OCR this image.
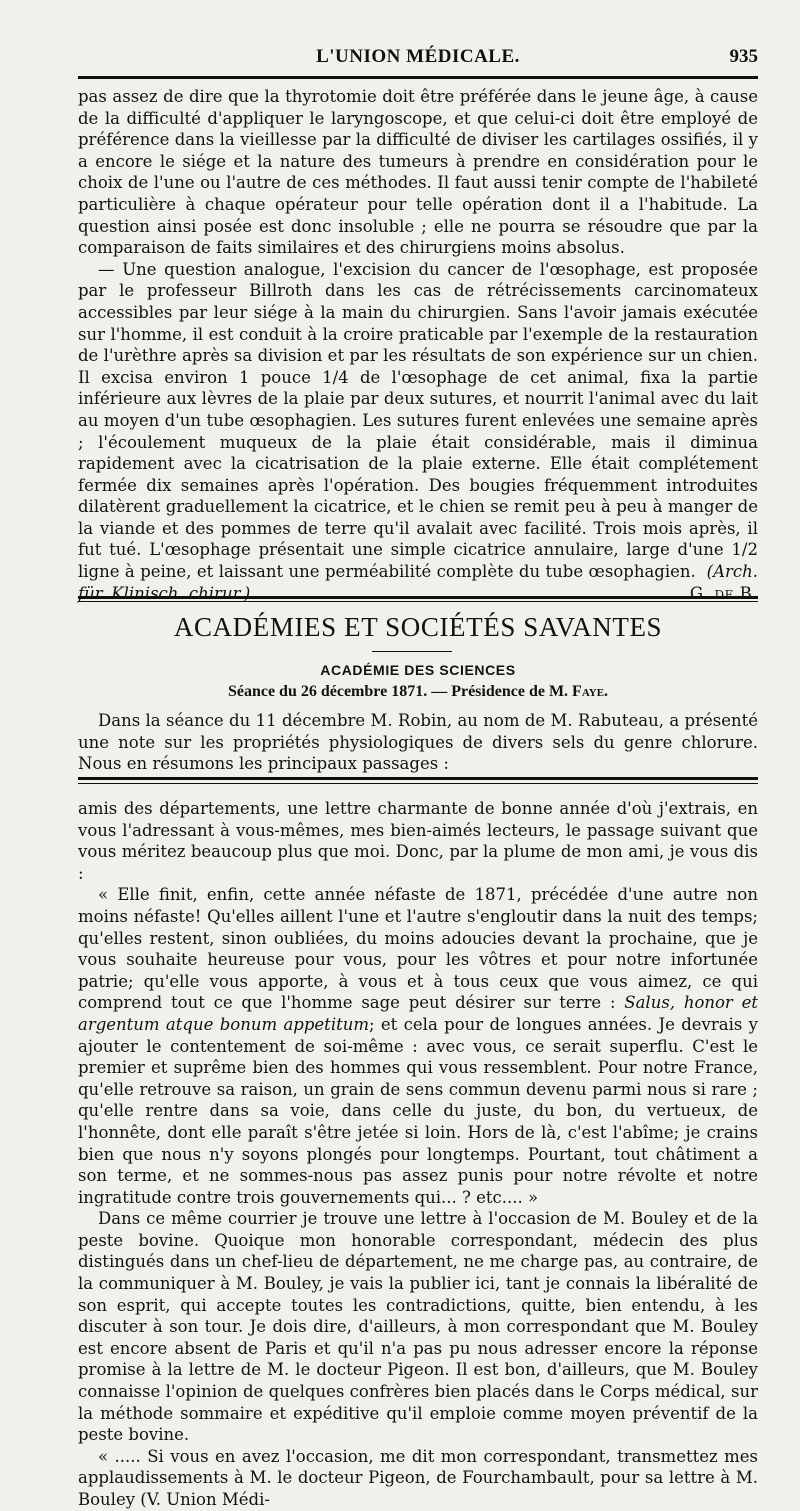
L'UNION MÉDICALE.	935

pas assez de dire que la thyrotomie doit être préférée dans le jeune âge, à cause de la difficulté d'appliquer le laryngoscope, et que celui-ci doit être employé de préférence dans la vieillesse par la difficulté de diviser les cartilages ossifiés, il y a encore le siége et la nature des tumeurs à prendre en considération pour le choix de l'une ou l'autre de ces méthodes. Il faut aussi tenir compte de l'habileté particulière à chaque opérateur pour telle opération dont il a l'habitude. La question ainsi posée est donc insoluble ; elle ne pourra se résoudre que par la comparaison de faits similaires et des chirurgiens moins absolus.

— Une question analogue, l'excision du cancer de l'œsophage, est proposée par le professeur Billroth dans les cas de rétrécissements carcinomateux accessibles par leur siége à la main du chirurgien. Sans l'avoir jamais exécutée sur l'homme, il est conduit à la croire praticable par l'exemple de la restauration de l'urèthre après sa division et par les résultats de son expérience sur un chien. Il excisa environ 1 pouce 1/4 de l'œsophage de cet animal, fixa la partie inférieure aux lèvres de la plaie par deux sutures, et nourrit l'animal avec du lait au moyen d'un tube œsophagien. Les sutures furent enlevées une semaine après ; l'écoulement muqueux de la plaie était considérable, mais il diminua rapidement avec la cicatrisation de la plaie externe. Elle était complétement fermée dix semaines après l'opération. Des bougies fréquemment introduites dilatèrent graduellement la cicatrice, et le chien se remit peu à peu à manger de la viande et des pommes de terre qu'il avalait avec facilité. Trois mois après, il fut tué. L'œsophage présentait une simple cicatrice annulaire, large d'une 1/2 ligne à peine, et laissant une perméabilité complète du tube œsophagien. (Arch. für. Klinisch. chirur.)	G. de B.

ACADÉMIES ET SOCIÉTÉS SAVANTES
ACADÉMIE DES SCIENCES
Séance du 26 décembre 1871. — Présidence de M. Faye.

Dans la séance du 11 décembre M. Robin, au nom de M. Rabuteau, a présenté une note sur les propriétés physiologiques de divers sels du genre chlorure. Nous en résumons les principaux passages :

amis des départements, une lettre charmante de bonne année d'où j'extrais, en vous l'adressant à vous-mêmes, mes bien-aimés lecteurs, le passage suivant que vous méritez beaucoup plus que moi. Donc, par la plume de mon ami, je vous dis :

« Elle finit, enfin, cette année néfaste de 1871, précédée d'une autre non moins néfaste! Qu'elles aillent l'une et l'autre s'engloutir dans la nuit des temps; qu'elles restent, sinon oubliées, du moins adoucies devant la prochaine, que je vous souhaite heureuse pour vous, pour les vôtres et pour notre infortunée patrie; qu'elle vous apporte, à vous et à tous ceux que vous aimez, ce qui comprend tout ce que l'homme sage peut désirer sur terre : Salus, honor et argentum atque bonum appetitum; et cela pour de longues années. Je devrais y ajouter le contentement de soi-même : avec vous, ce serait superflu. C'est le premier et suprême bien des hommes qui vous ressemblent. Pour notre France, qu'elle retrouve sa raison, un grain de sens commun devenu parmi nous si rare ; qu'elle rentre dans sa voie, dans celle du juste, du bon, du vertueux, de l'honnête, dont elle paraît s'être jetée si loin. Hors de là, c'est l'abîme; je crains bien que nous n'y soyons plongés pour longtemps. Pourtant, tout châtiment a son terme, et ne sommes-nous pas assez punis pour notre révolte et notre ingratitude contre trois gouvernements qui... ? etc.... »

Dans ce même courrier je trouve une lettre à l'occasion de M. Bouley et de la peste bovine. Quoique mon honorable correspondant, médecin des plus distingués dans un chef-lieu de département, ne me charge pas, au contraire, de la communiquer à M. Bouley, je vais la publier ici, tant je connais la libéralité de son esprit, qui accepte toutes les contradictions, quitte, bien entendu, à les discuter à son tour. Je dois dire, d'ailleurs, à mon correspondant que M. Bouley est encore absent de Paris et qu'il n'a pas pu nous adresser encore la réponse promise à la lettre de M. le docteur Pigeon. Il est bon, d'ailleurs, que M. Bouley connaisse l'opinion de quelques confrères bien placés dans le Corps médical, sur la méthode sommaire et expéditive qu'il emploie comme moyen préventif de la peste bovine.

« ..... Si vous en avez l'occasion, me dit mon correspondant, transmettez mes applaudissements à M. le docteur Pigeon, de Fourchambault, pour sa lettre à M. Bouley (V. Union Médi-
